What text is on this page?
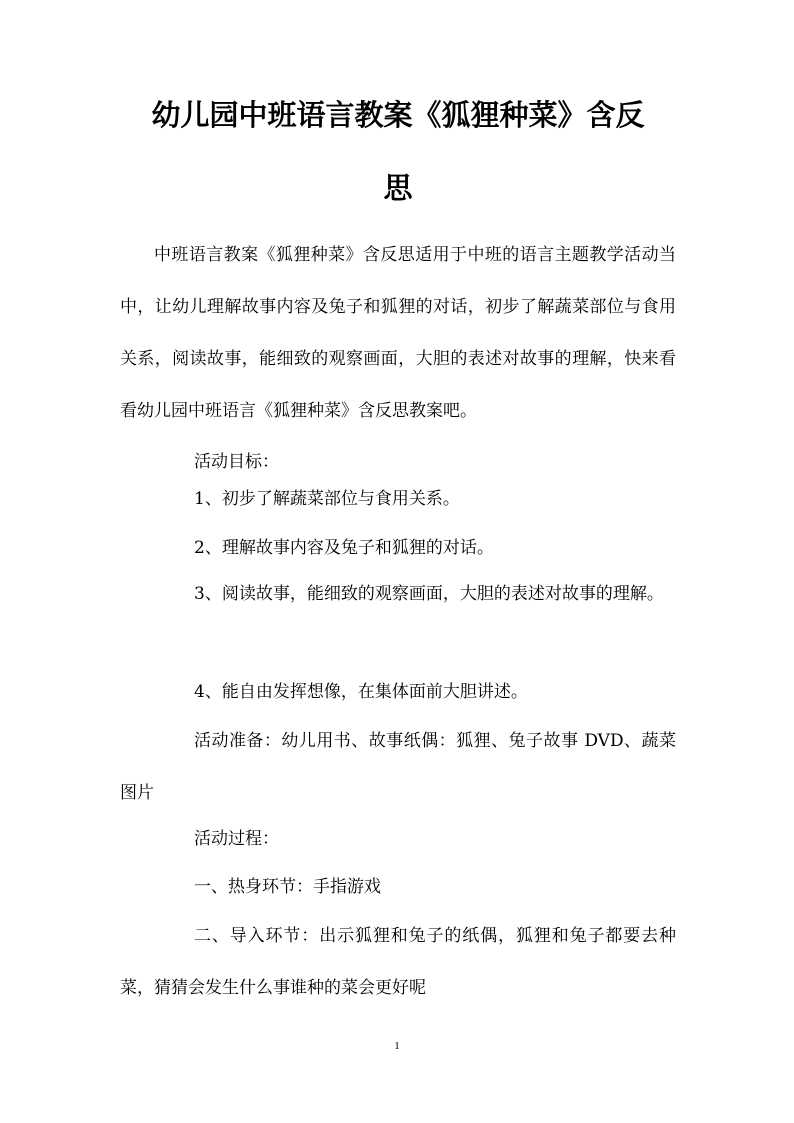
幼儿园中班语言教案《狐狸种菜》含反
思

中班语言教案《狐狸种菜》含反思适用于中班的语言主题教学活动当中，让幼儿理解故事内容及兔子和狐狸的对话，初步了解蔬菜部位与食用关系，阅读故事，能细致的观察画面，大胆的表述对故事的理解，快来看看幼儿园中班语言《狐狸种菜》含反思教案吧。

活动目标：

1、初步了解蔬菜部位与食用关系。

2、理解故事内容及兔子和狐狸的对话。

3、阅读故事，能细致的观察画面，大胆的表述对故事的理解。

4、能自由发挥想像，在集体面前大胆讲述。

活动准备：幼儿用书、故事纸偶：狐狸、兔子故事 DVD、蔬菜图片

活动过程：

一、热身环节：手指游戏

二、导入环节：出示狐狸和兔子的纸偶，狐狸和兔子都要去种菜，猜猜会发生什么事谁种的菜会更好呢

1
